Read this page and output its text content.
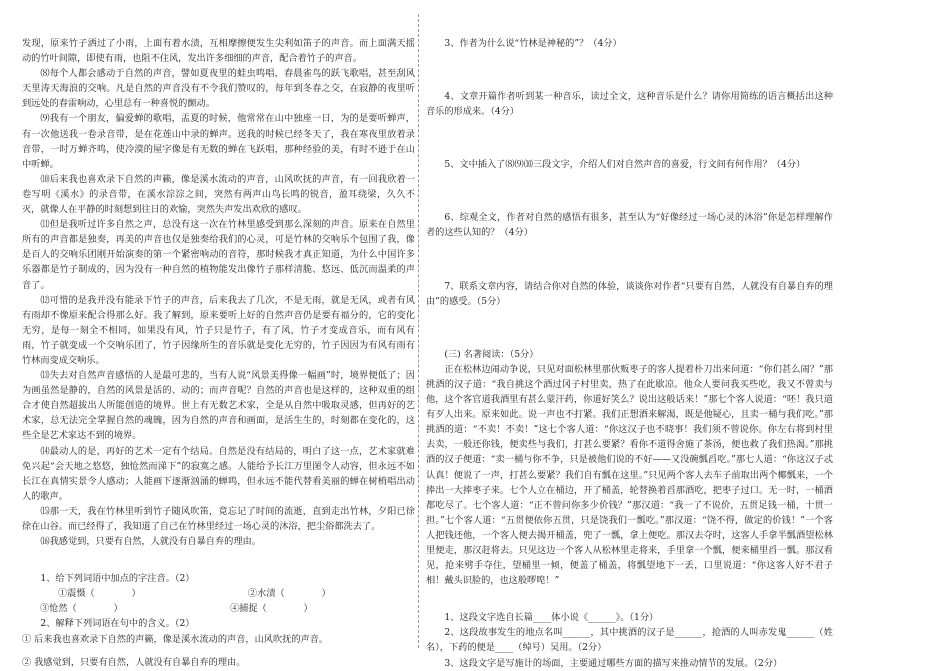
发现，原来竹子洒过了小雨，上面有着水渍，互相摩擦便发生尖利如笛子的声音。而上面满天摇动的竹叶间隙，即使有雨，也阻不住风，发出许多细细的声音，配合着竹子的声音。

⑻每个人都会感动于自然的声音，譬如夏夜里的蛙虫鸣唱，春晨雀鸟的跃飞歌唱，甚至刮风天里涛天海浪的交响。凡是自然的声音没有不令我们赞叹的，每年到冬春之交，在寂静的夜里听到远处的春雷响动，心里总有一种喜悦的颤动。

⑼我有一个朋友，偏爱蝉的歌唱，盂夏的时候，他常常在山中独座一日，为的是要听蝉声，有一次他送我一卷录音带，是在花莲山中录的蝉声。送我的时候已经冬天了，我在寒夜里放着录音带，一时万蝉齐鸣，使冷漠的屋字像是有无数的蝉在飞跃唱，那种经验的美，有时不逊于在山中听蝉。

⑽后来我也喜欢录下自然的声籁，像是溪水流动的声音，山风吹抚的声音，有一回我欣着一卷写明《溪水》的录音带，在溪水淙淙之间，突然有两声山鸟长鸣的锐音，盈耳绕梁，久久不灭，就像人在平静的时刻想到往日的欢愉，突然失声发出欢欣的感叹。

⑾但是我听过许多自然之声，总没有这一次在竹林里感受到那么深刻的声音。原来在自然里所有的声音都是独奏，再美的声音也仅是独奏给我们的心灵，可是竹林的交响乐个包围了我，像是百人的交响乐团刚开始演奏的第一个紧密响动的音符，那时候我才真正知道，为什么中国许多乐器都是竹子制成的，因为没有一种自然的植物能发出像竹子那样清脆、悠远、低沉而温柔的声音了。

⑿可惜的是我并没有能录下竹子的声音，后来我去了几次，不是无雨，就是无风，或者有风有雨却不像原来配合得那么好。我了解到，原来要听上好的自然声音仍是要有福分的，它的变化无穷，是每一刻全不相同，如果没有风，竹子只是竹子，有了风，竹子才变成音乐，而有风有雨，竹子就变成一个交响乐团了，竹子因缘所生的音乐就是变化无穷的，竹子因因为有风有雨有竹林而变成交响乐。

⒀失去对自然声音感悟的人是最可悲的，当有人说“风景美得像一幅画”时，境界便低了；因为画虽然是静的，自然的风景是活的、动的；而声音呢？自然的声音也是这样的，这种双重的组合才使自然超拔出人所能创造的境界。世上有无数艺术家，全是从自然中吸取灵感，但再好的艺术家，总无法完全掌握自然的魂魄，因为自然的声音和画面，是活生生的，时刻都在变化的，这些全是艺术家达不到的境界。

⒁最动人的是，再好的艺术一定有个结局。自然是没有结局的，明白了这一点，艺术家就难免兴起“会天地之悠悠，独怆然而涕下”的寂寞之感。人能给予长江万里图令人动容，但永远不如长江在真情实景令人感动；人能画下逐渐汹涌的蝉鸣，但永远不能代替看美丽的蝉在树梢唱出动人的歌声。

⒂那一天，我在竹林里听到竹子随风吹笛，竟忘记了时间的流逝，直到走出竹林，夕阳已徐徐在山谷。而已经得了，我知道了自己在竹林里经过一场心灵的沐浴，把尘俗都洗去了。

⒃我感觉到，只要有自然，人就没有自暴自弃的理由。

1、给下列词语中加点的字注音。（2）

①震慑（　　　　）	②水渍（　　　　）
③怆然（　　　　）	④捕捉（　　　　）

2、解释下列词语在句中的含义。（2）

① 后来我也喜欢录下自然的声籁，像是溪水流动的声音，山风吹抚的声音。

② 我感觉到，只要有自然，人就没有自暴自弃的理由。

3、作者为什么说“竹林是神秘的”？（4分）

4、文章开篇作者听到某一种音乐，读过全文，这种音乐是什么？请你用简练的语言概括出这种音乐的形成来。（4分）

5、文中插入了⑻⑼⑽三段文字，介绍人们对自然声音的喜爱，行文间有何作用？（4分）

6、综观全文，作者对自然的感悟有很多，甚至认为“好像经过一场心灵的沐浴”你是怎样理解作者的这些认知的？（4分）

7、联系文章内容，请结合你对自然的体验，谈谈你对作者“只要有自然，人就没有自暴自弃的理由”的感受。（5分）

(三) 名著阅读：（5分）

正在松林边闹动争说，只见对面松林里那伙贩枣子的客人提着朴刀出来问道：“你们甚么闹？”那挑酒的汉子道：“我自挑这个酒过冈子村里卖，热了在此歇凉。他众人要问我买些吃，我又不曾卖与他，这个客官道我酒里有甚么蒙汗药，你道好笑么？说出这般话来！”那七个客人说道：“呸！我只道有歹人出来。原来如此。说一声也不打紧。我们正想酒来解渴，既是他疑心，且卖一桶与我们吃。”那挑酒的道：“不卖！不卖！”这七个客人道：“你这汉子也不晓事！我们须不曾说你。你左右将到村里去卖，一般还你钱，便卖些与我们，打甚么要紧？看你不道得舍施了茶汤，便也救了我们热渴。”那挑酒的汉子便道：“卖一桶与你不争，只是被他们说的不好——又没碗瓢舀吃。”那七人道：“你这汉子忒认真！便说了一声，打甚么要紧？我们自有瓢在这里。”只见两个客人去车子前取出两个椰瓢来，一个捧出一大捧枣子来。七个人立在桶边，开了桶盖，轮替换着舀那酒吃，把枣子过口。无一时，一桶酒都吃尽了。七个客人道：“正不曾问你多少价钱？”那汉道：“我一了不说价，五贯足钱一桶，十贯一担。”七个客人道：“五贯便依你五贯，只是饶我们一瓢吃。”那汉道：“饶不得，做定的价钱！”一个客人把钱还他，一个客人便去揭开桶盖，兜了一瓢，拿上便吃。那汉去夺时，这客人手拿半瓢酒望松林里便走，那汉赶将去。只见这边一个客人从松林里走将来，手里拿一个瓢，便来桶里舀一瓢。那汉看见，抢来劈手夺住，望桶里一倾，便盖了桶盖，将瓢望地下一丢，口里说道：“你这客人好不君子相！戴头识脸的，也这般啰唣！”

1、这段文字选自长篇____体小说《______》。（1分）

2、这段故事发生的地点名叫______，其中挑酒的汉子是______，抢酒的人叫赤发鬼______（姓名），下药的便是____（绰号）吴用。（2分）

3、这段文字是写施计的场面，主要通过哪些方面的描写来推动情节的发展。（2分）
